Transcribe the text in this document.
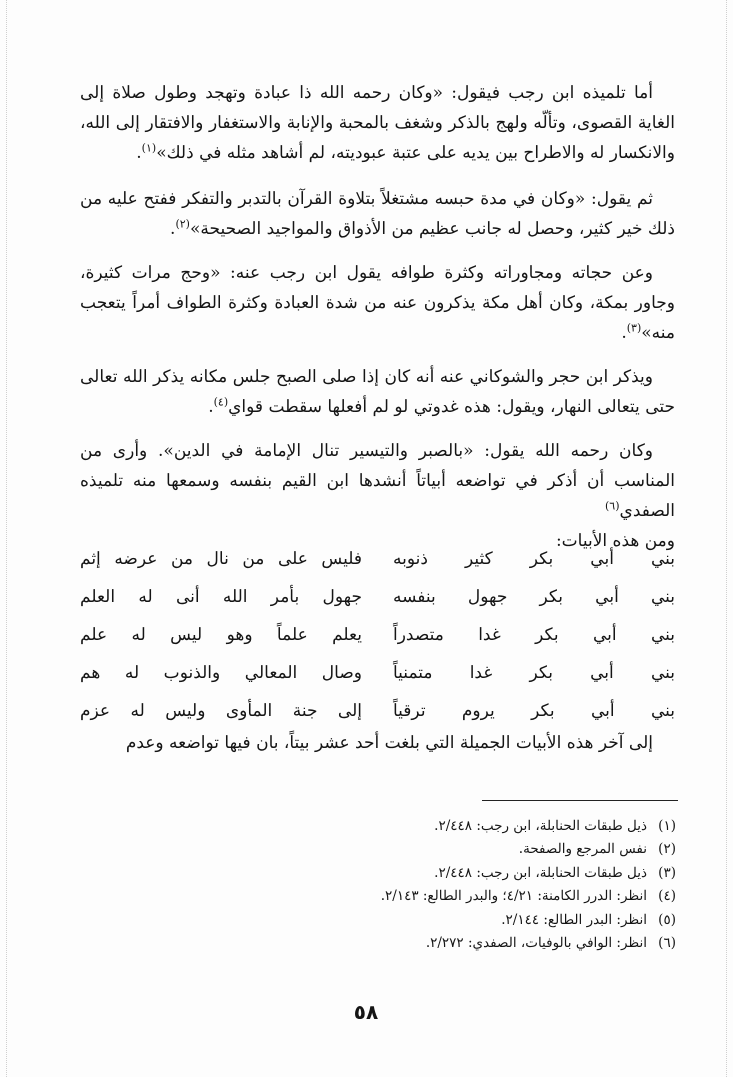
أما تلميذه ابن رجب فيقول: «وكان رحمه الله ذا عبادة وتهجد وطول صلاة إلى الغاية القصوى، وتألّه ولهج بالذكر وشغف بالمحبة والإنابة والاستغفار والافتقار إلى الله، والانكسار له والاطراح بين يديه على عتبة عبوديته، لم أشاهد مثله في ذلك»$^{(١)}$.

ثم يقول: «وكان في مدة حبسه مشتغلاً بتلاوة القرآن بالتدبر والتفكر ففتح عليه من ذلك خير كثير، وحصل له جانب عظيم من الأذواق والمواجيد الصحيحة»$^{(٢)}$.

وعن حجاته ومجاوراته وكثرة طوافه يقول ابن رجب عنه: «وحج مرات كثيرة، وجاور بمكة، وكان أهل مكة يذكرون عنه من شدة العبادة وكثرة الطواف أمراً يتعجب منه»$^{(٣)}$.

ويذكر ابن حجر والشوكاني عنه أنه كان إذا صلى الصبح جلس مكانه يذكر الله تعالى حتى يتعالى النهار، ويقول: هذه غدوتي لو لم أفعلها سقطت قواي$^{(٤)}$.

وكان رحمه الله يقول: «بالصبر والتيسير تنال الإمامة في الدين». وأرى من المناسب أن أذكر في تواضعه أبياتاً أنشدها ابن القيم بنفسه وسمعها منه تلميذه الصفدي$^{(٦)}$

ومن هذه الأبيات:
بني أبي بكر كثير ذنوبه
فليس على من نال من عرضه إثم
بني أبي بكر جهول بنفسه
جهول بأمر الله أنى له العلم
بني أبي بكر غدا متصدراً
يعلم علماً وهو ليس له علم
بني أبي بكر غدا متمنياً
وصال المعالي والذنوب له هم
بني أبي بكر يروم ترقياً
إلى جنة المأوى وليس له عزم

إلى آخر هذه الأبيات الجميلة التي بلغت أحد عشر بيتاً، بان فيها تواضعه وعدم

(١)
ذيل طبقات الحنابلة، ابن رجب: ٢/٤٤٨.
(٢)
نفس المرجع والصفحة.
(٣)
ذيل طبقات الحنابلة، ابن رجب: ٢/٤٤٨.
(٤)
انظر: الدرر الكامنة: ٤/٢١؛ والبدر الطالع: ٢/١٤٣.
(٥)
انظر: البدر الطالع: ٢/١٤٤.
(٦)
انظر: الوافي بالوفيات، الصفدي: ٢/٢٧٢.
٥٨
